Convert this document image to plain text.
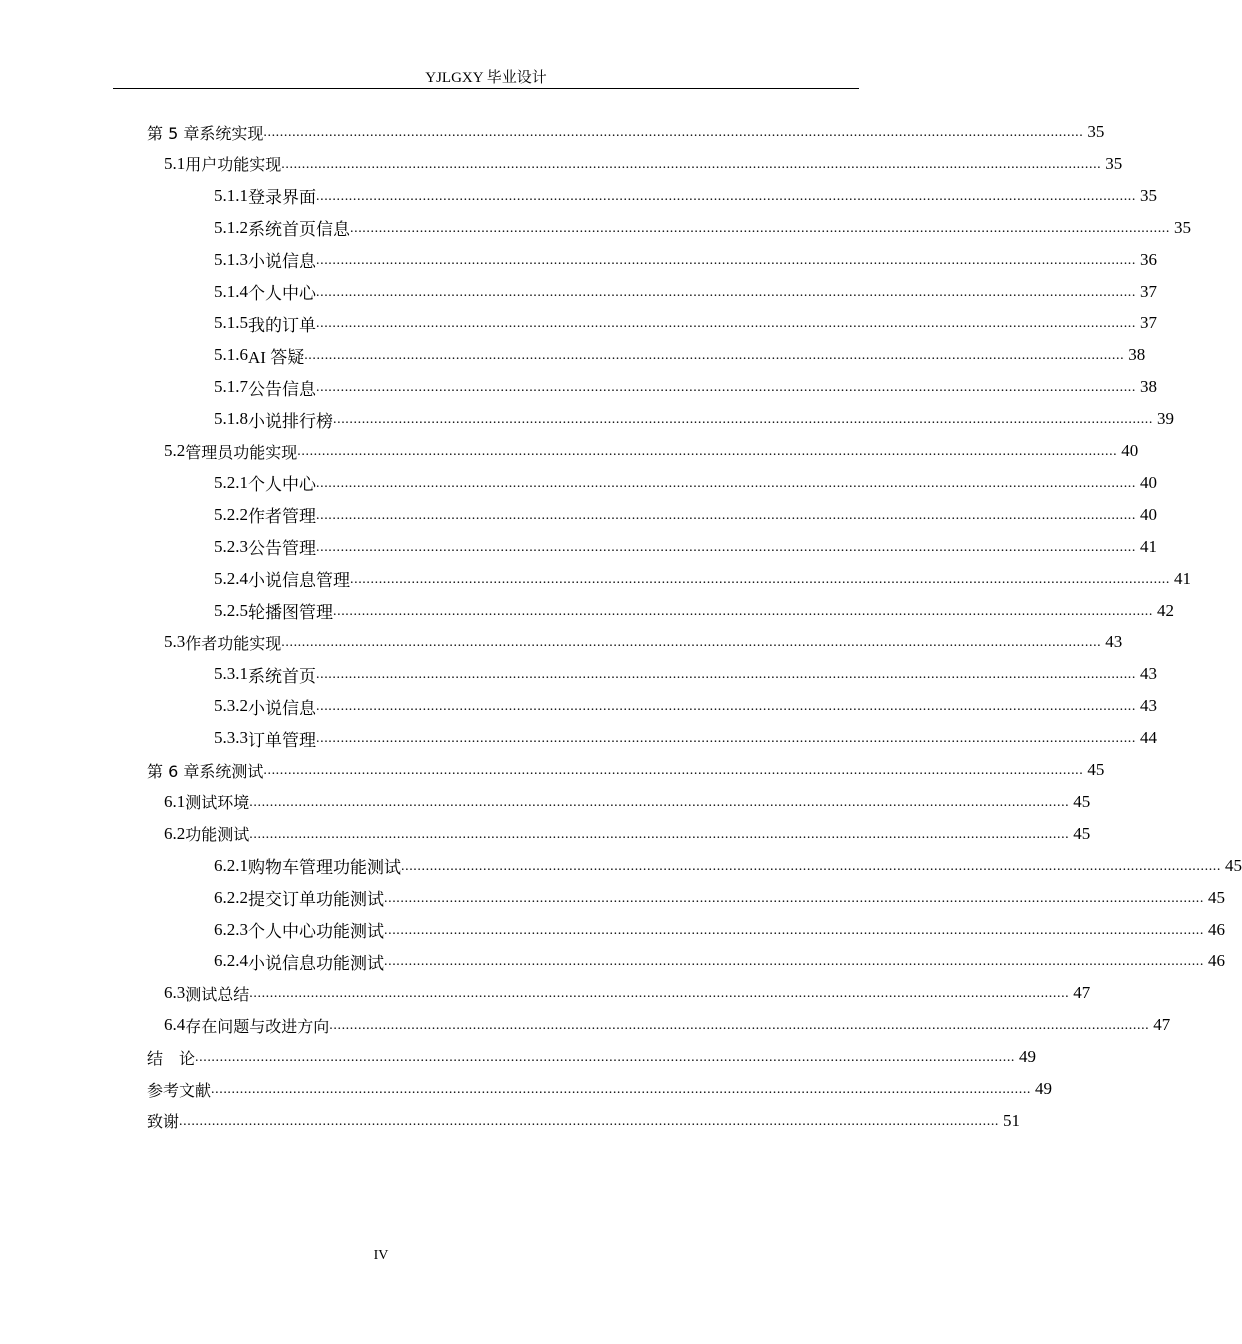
YJLGXY 毕业设计
第 5 章 系统实现 ........................................................................................................................................................................................................ 35
5.1 用户功能实现 ........................................................................................................................................................................................................ 35
5.1.1 登录界面 ........................................................................................................................................................................................................ 35
5.1.2 系统首页信息 ........................................................................................................................................................................................................ 35
5.1.3 小说信息 ........................................................................................................................................................................................................ 36
5.1.4 个人中心 ........................................................................................................................................................................................................ 37
5.1.5 我的订单 ........................................................................................................................................................................................................ 37
5.1.6 AI 答疑 ........................................................................................................................................................................................................ 38
5.1.7 公告信息 ........................................................................................................................................................................................................ 38
5.1.8 小说排行榜 ........................................................................................................................................................................................................ 39
5.2 管理员功能实现 ........................................................................................................................................................................................................ 40
5.2.1 个人中心 ........................................................................................................................................................................................................ 40
5.2.2 作者管理 ........................................................................................................................................................................................................ 40
5.2.3 公告管理 ........................................................................................................................................................................................................ 41
5.2.4 小说信息管理 ........................................................................................................................................................................................................ 41
5.2.5 轮播图管理 ........................................................................................................................................................................................................ 42
5.3 作者功能实现 ........................................................................................................................................................................................................ 43
5.3.1 系统首页 ........................................................................................................................................................................................................ 43
5.3.2 小说信息 ........................................................................................................................................................................................................ 43
5.3.3 订单管理 ........................................................................................................................................................................................................ 44
第 6 章 系统测试 ........................................................................................................................................................................................................ 45
6.1 测试环境 ........................................................................................................................................................................................................ 45
6.2 功能测试 ........................................................................................................................................................................................................ 45
6.2.1 购物车管理功能测试 ........................................................................................................................................................................................................ 45
6.2.2 提交订单功能测试 ........................................................................................................................................................................................................ 45
6.2.3 个人中心功能测试 ........................................................................................................................................................................................................ 46
6.2.4 小说信息功能测试 ........................................................................................................................................................................................................ 46
6.3 测试总结 ........................................................................................................................................................................................................ 47
6.4 存在问题与改进方向 ........................................................................................................................................................................................................ 47
结　论 ........................................................................................................................................................................................................ 49
参考文献 ........................................................................................................................................................................................................ 49
致谢 ........................................................................................................................................................................................................ 51
IV
